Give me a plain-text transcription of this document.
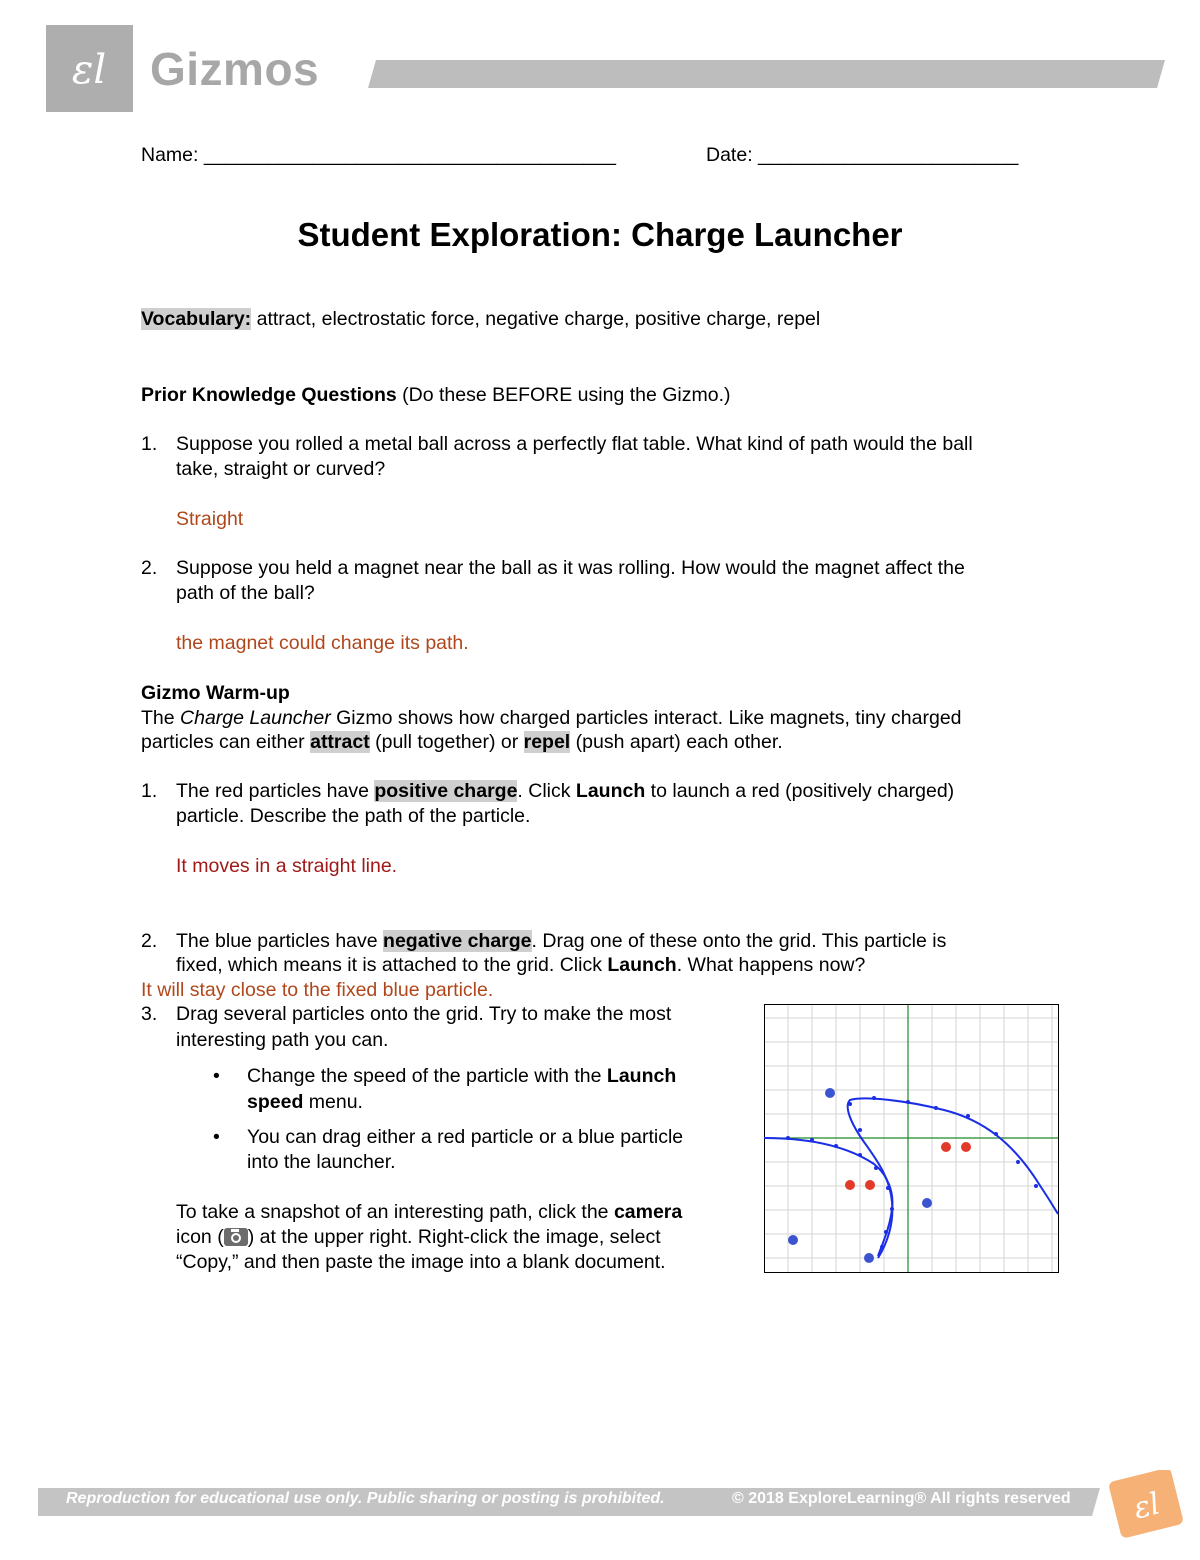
εl Gizmos
Name: ______________________________________	Date: ________________________
Student Exploration: Charge Launcher
Vocabulary: attract, electrostatic force, negative charge, positive charge, repel
Prior Knowledge Questions (Do these BEFORE using the Gizmo.)
1. Suppose you rolled a metal ball across a perfectly flat table. What kind of path would the ball
take, straight or curved?
Straight
2. Suppose you held a magnet near the ball as it was rolling. How would the magnet affect the
path of the ball?
the magnet could change its path.
Gizmo Warm-up
The Charge Launcher Gizmo shows how charged particles interact. Like magnets, tiny charged
particles can either attract (pull together) or repel (push apart) each other.
1. The red particles have positive charge. Click Launch to launch a red (positively charged)
particle. Describe the path of the particle.
It moves in a straight line.
2. The blue particles have negative charge. Drag one of these onto the grid. This particle is
fixed, which means it is attached to the grid. Click Launch. What happens now?
It will stay close to the fixed blue particle.
3. Drag several particles onto the grid. Try to make the most
interesting path you can.
• Change the speed of the particle with the Launch
speed menu.
• You can drag either a red particle or a blue particle
into the launcher.
To take a snapshot of an interesting path, click the camera
icon ( ) at the upper right. Right-click the image, select
“Copy,” and then paste the image into a blank document.
εl
Reproduction for educational use only. Public sharing or posting is prohibited.	© 2018 ExploreLearning® All rights reserved
